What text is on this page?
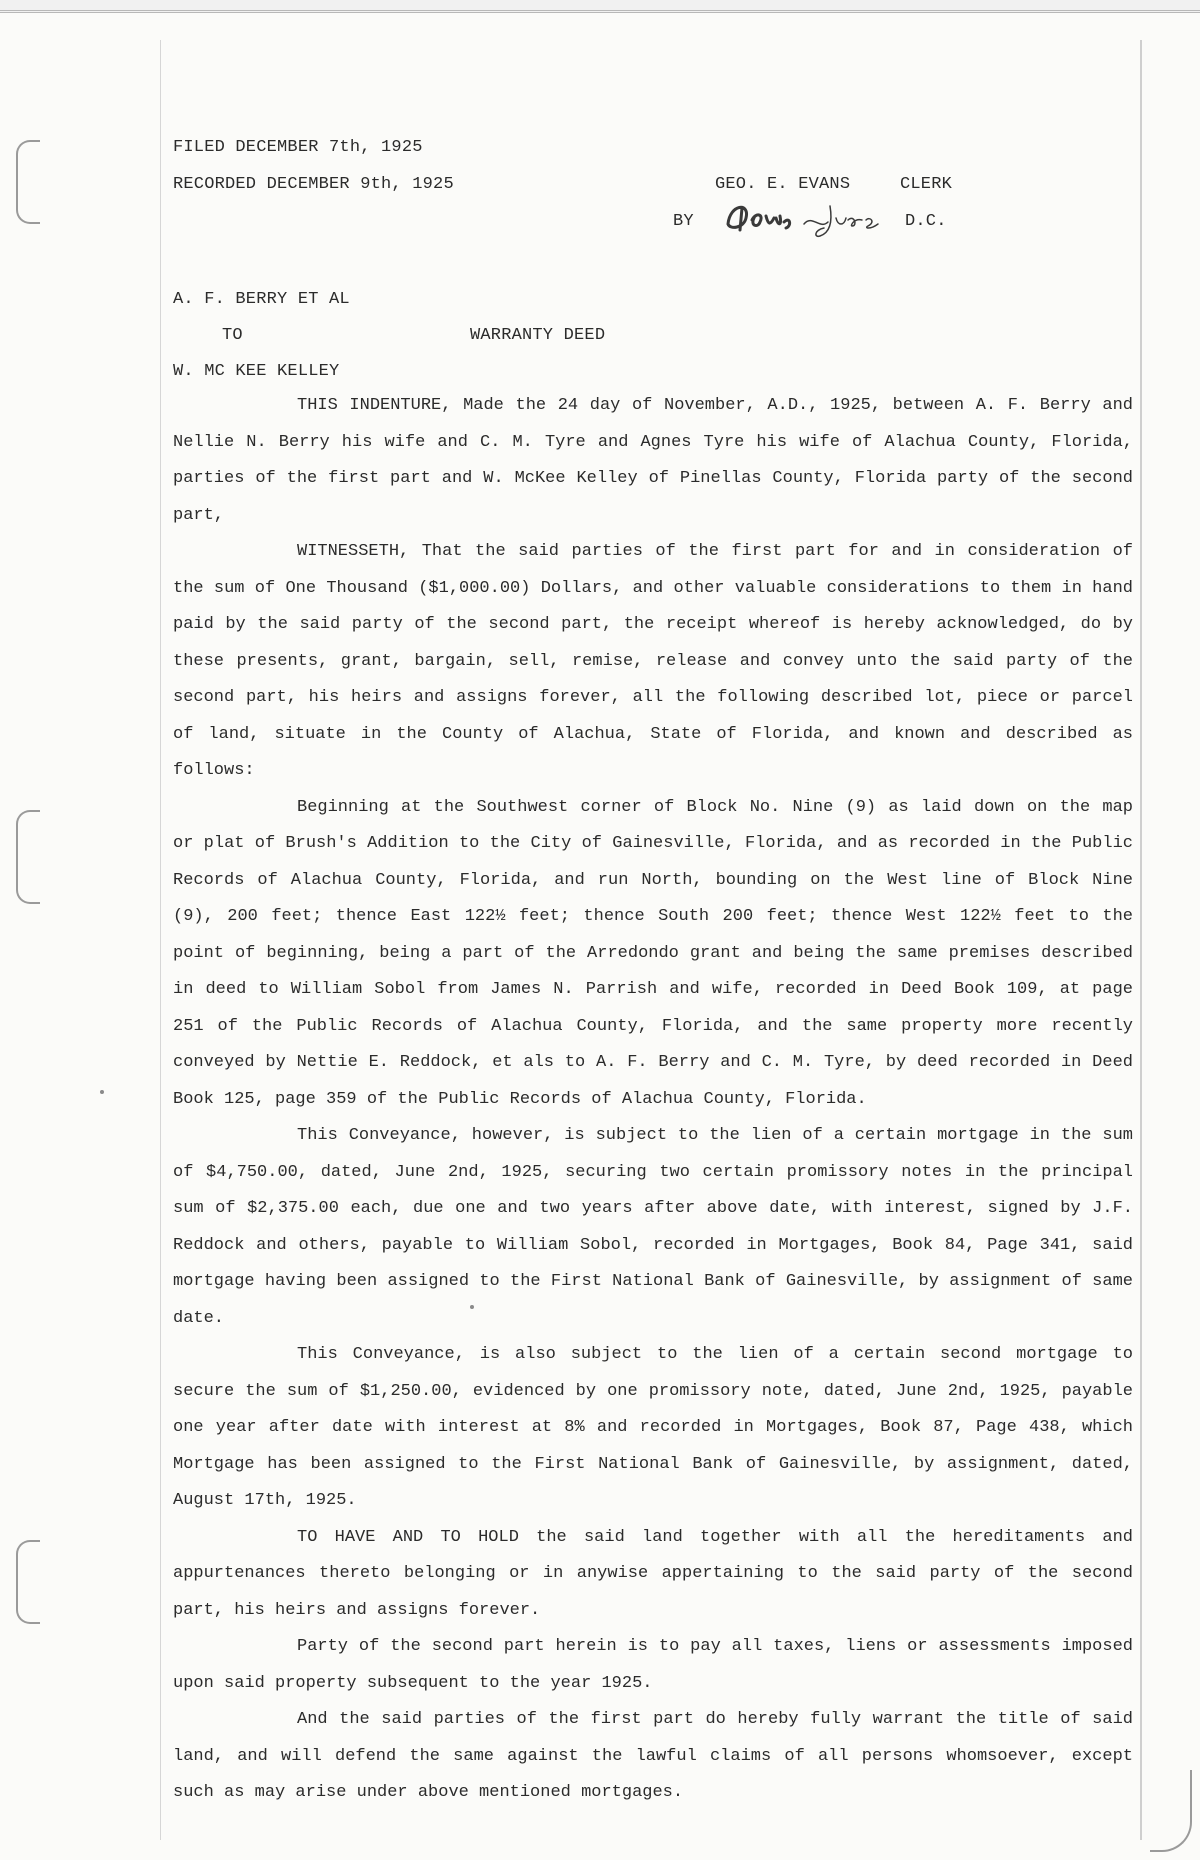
FILED DECEMBER 7th, 1925
RECORDED DECEMBER 9th, 1925	GEO. E. EVANS	CLERK
BY	D.C.
A. F. BERRY ET AL
TO	WARRANTY DEED
W. MC KEE KELLEY

THIS INDENTURE, Made the 24 day of November, A.D., 1925, between A. F. Berry and Nellie N. Berry his wife and C. M. Tyre and Agnes Tyre his wife of Alachua County, Florida, parties of the first part and W. McKee Kelley of Pinellas County, Florida party of the second part,

WITNESSETH, That the said parties of the first part for and in consideration of the sum of One Thousand ($1,000.00) Dollars, and other valuable considerations to them in hand paid by the said party of the second part, the receipt whereof is hereby acknowledged, do by these presents, grant, bargain, sell, remise, release and convey unto the said party of the second part, his heirs and assigns forever, all the following described lot, piece or parcel of land, situate in the County of Alachua, State of Florida, and known and described as follows:

Beginning at the Southwest corner of Block No. Nine (9) as laid down on the map or plat of Brush's Addition to the City of Gainesville, Florida, and as recorded in the Public Records of Alachua County, Florida, and run North, bounding on the West line of Block Nine (9), 200 feet; thence East 122½ feet; thence South 200 feet; thence West 122½ feet to the point of beginning, being a part of the Arredondo grant and being the same premises described in deed to William Sobol from James N. Parrish and wife, recorded in Deed Book 109, at page 251 of the Public Records of Alachua County, Florida, and the same property more recently conveyed by Nettie E. Reddock, et als to A. F. Berry and C. M. Tyre, by deed recorded in Deed Book 125, page 359 of the Public Records of Alachua County, Florida.

This Conveyance, however, is subject to the lien of a certain mortgage in the sum of $4,750.00, dated, June 2nd, 1925, securing two certain promissory notes in the principal sum of $2,375.00 each, due one and two years after above date, with interest, signed by J.F. Reddock and others, payable to William Sobol, recorded in Mortgages, Book 84, Page 341, said mortgage having been assigned to the First National Bank of Gainesville, by assignment of same date.

This Conveyance, is also subject to the lien of a certain second mortgage to secure the sum of $1,250.00, evidenced by one promissory note, dated, June 2nd, 1925, payable one year after date with interest at 8% and recorded in Mortgages, Book 87, Page 438, which Mortgage has been assigned to the First National Bank of Gainesville, by assignment, dated, August 17th, 1925.

TO HAVE AND TO HOLD the said land together with all the hereditaments and appurtenances thereto belonging or in anywise appertaining to the said party of the second part, his heirs and assigns forever.

Party of the second part herein is to pay all taxes, liens or assessments imposed upon said property subsequent to the year 1925.

And the said parties of the first part do hereby fully warrant the title of said land, and will defend the same against the lawful claims of all persons whomsoever, except such as may arise under above mentioned mortgages.
